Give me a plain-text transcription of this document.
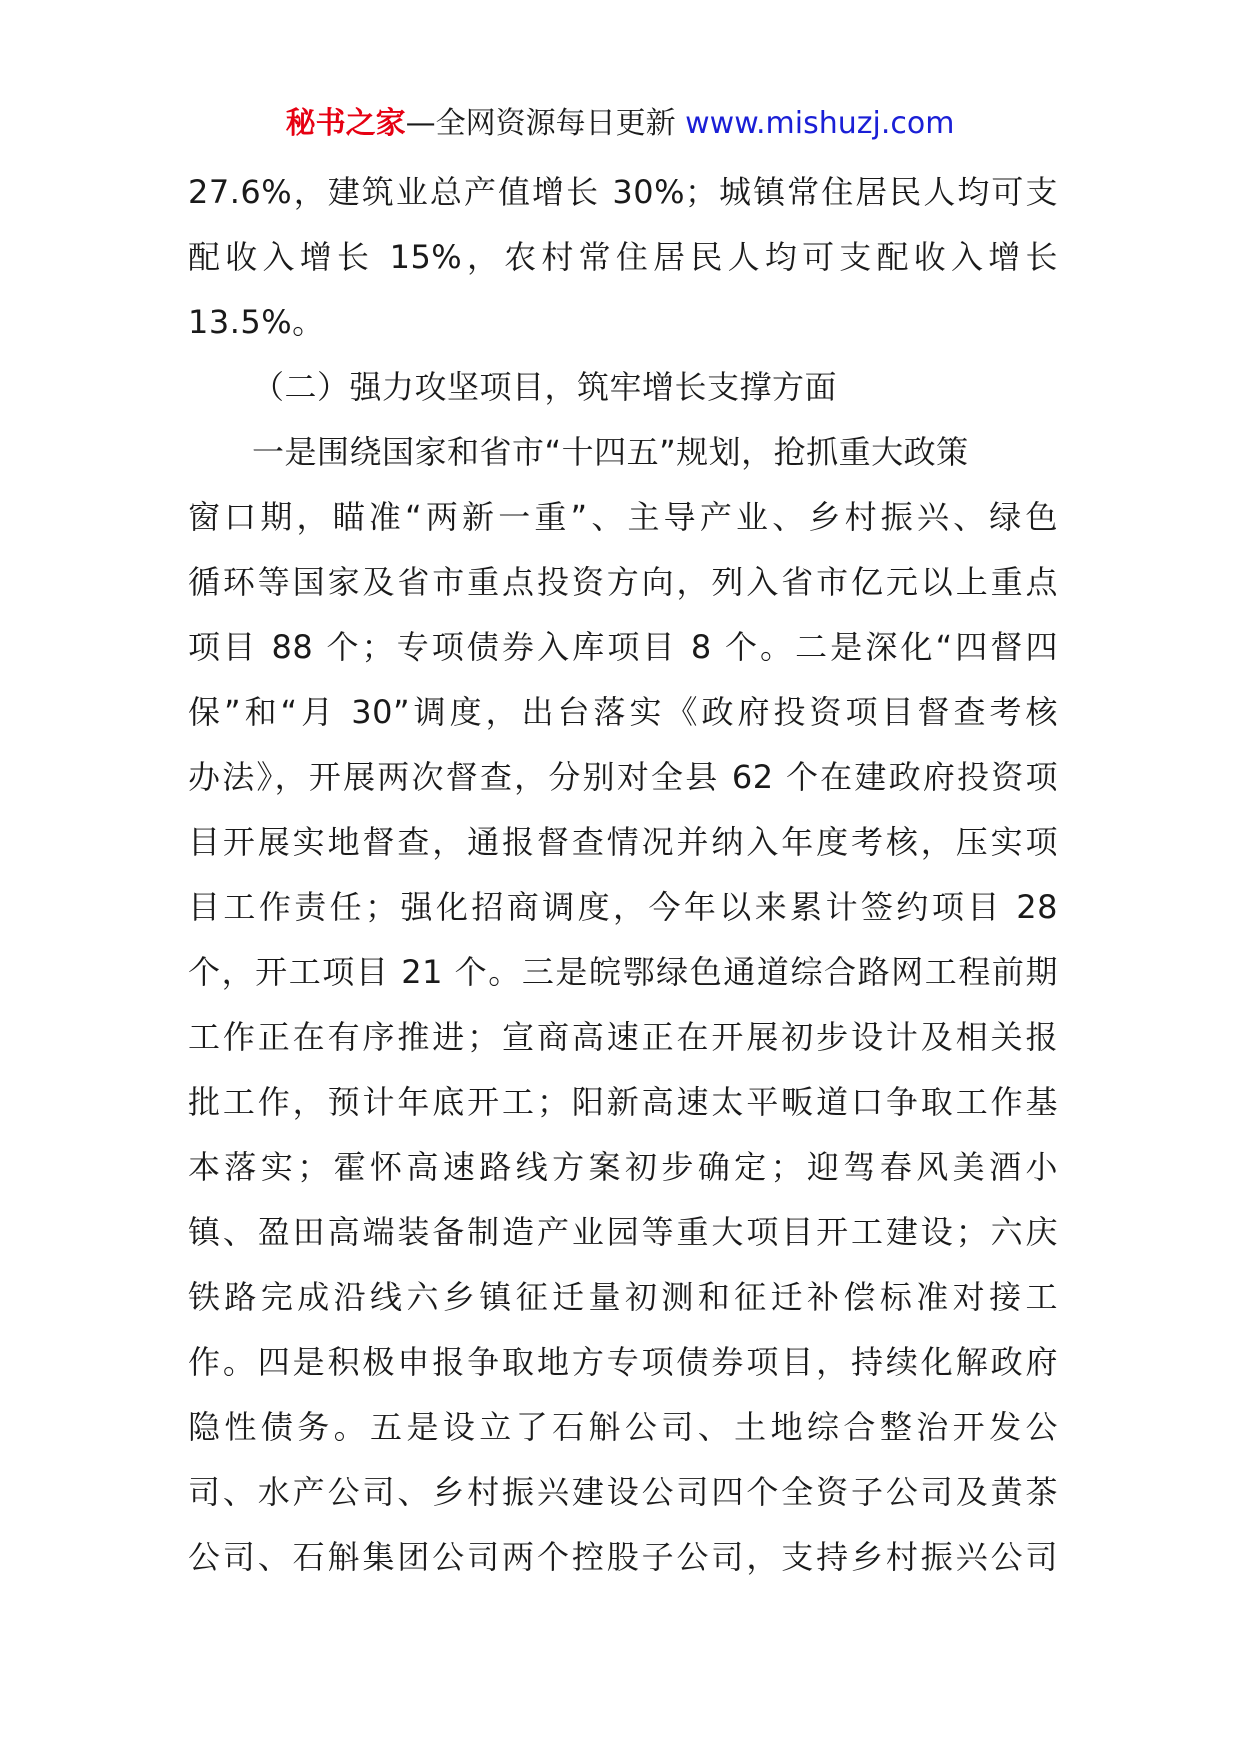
秘书之家—全网资源每日更新 www.mishuzj.com
27.6%，建筑业总产值增长 30%；城镇常住居民人均可支
配收入增长 15%，农村常住居民人均可支配收入增长
13.5%。
（二）强力攻坚项目，筑牢增长支撑方面
一是围绕国家和省市“十四五”规划，抢抓重大政策
窗口期，瞄准“两新一重”、主导产业、乡村振兴、绿色
循环等国家及省市重点投资方向，列入省市亿元以上重点
项目 88 个；专项债券入库项目 8 个。二是深化“四督四
保”和“月 30”调度，出台落实《政府投资项目督查考核
办法》，开展两次督查，分别对全县 62 个在建政府投资项
目开展实地督查，通报督查情况并纳入年度考核，压实项
目工作责任；强化招商调度，今年以来累计签约项目 28
个，开工项目 21 个。三是皖鄂绿色通道综合路网工程前期
工作正在有序推进；宣商高速正在开展初步设计及相关报
批工作，预计年底开工；阳新高速太平畈道口争取工作基
本落实；霍怀高速路线方案初步确定；迎驾春风美酒小
镇、盈田高端装备制造产业园等重大项目开工建设；六庆
铁路完成沿线六乡镇征迁量初测和征迁补偿标准对接工
作。四是积极申报争取地方专项债券项目，持续化解政府
隐性债务。五是设立了石斛公司、土地综合整治开发公
司、水产公司、乡村振兴建设公司四个全资子公司及黄茶
公司、石斛集团公司两个控股子公司，支持乡村振兴公司
